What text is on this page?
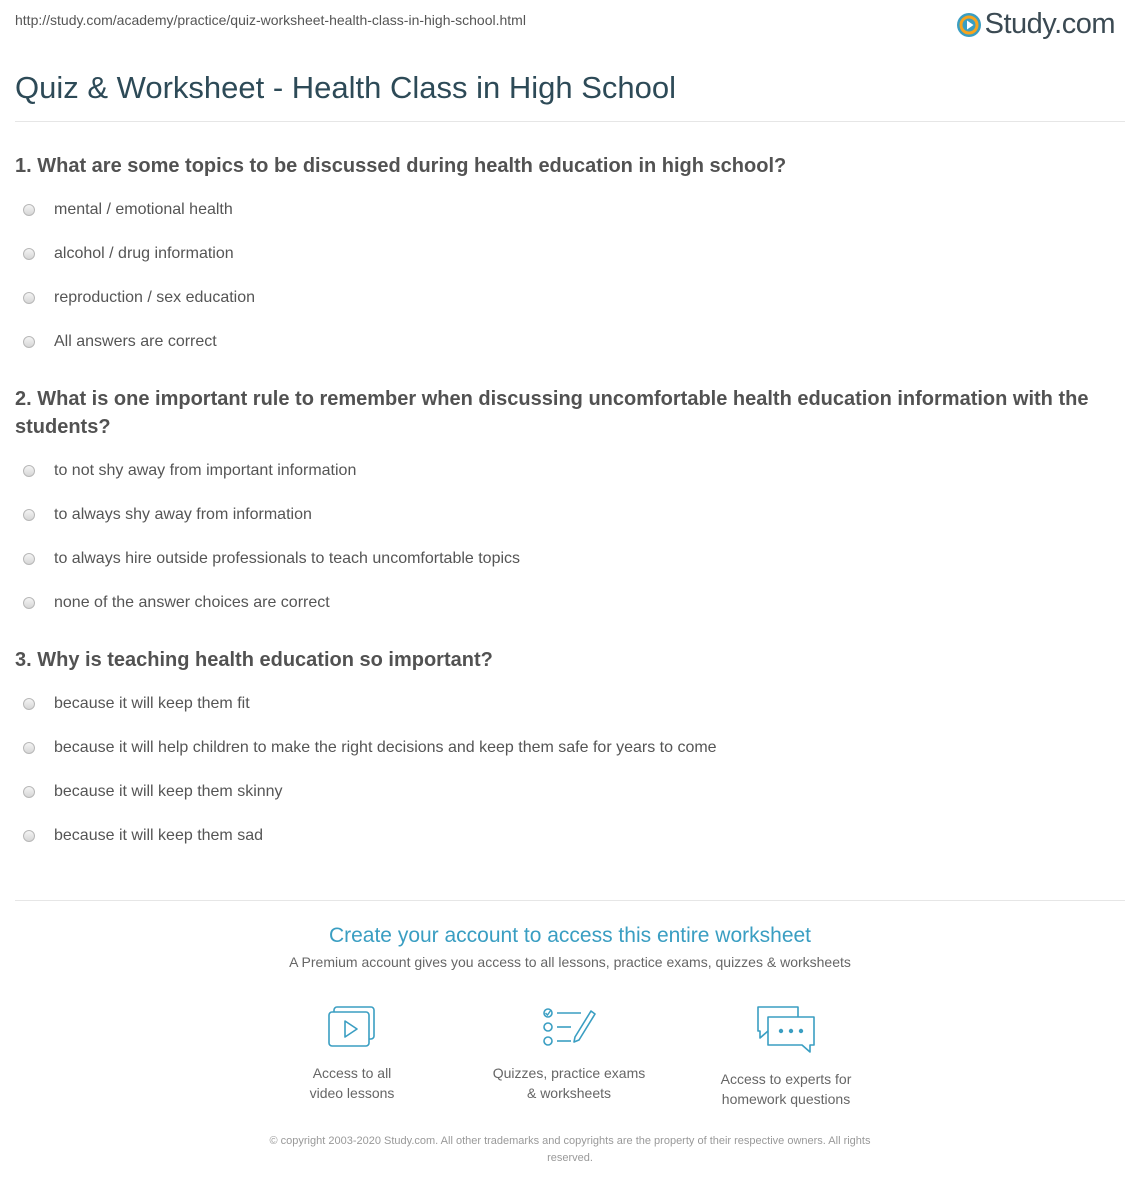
http://study.com/academy/practice/quiz-worksheet-health-class-in-high-school.html	Study.com
Quiz & Worksheet - Health Class in High School

1. What are some topics to be discussed during health education in high school?

mental / emotional health
alcohol / drug information
reproduction / sex education
All answers are correct

2. What is one important rule to remember when discussing uncomfortable health education information with the students?

to not shy away from important information
to always shy away from information
to always hire outside professionals to teach uncomfortable topics
none of the answer choices are correct

3. Why is teaching health education so important?

because it will keep them fit
because it will help children to make the right decisions and keep them safe for years to come
because it will keep them skinny
because it will keep them sad
Create your account to access this entire worksheet
A Premium account gives you access to all lessons, practice exams, quizzes & worksheets
Access to all
video lessons
Quizzes, practice exams
& worksheets
Access to experts for
homework questions
© copyright 2003-2020 Study.com. All other trademarks and copyrights are the property of their respective owners. All rights
reserved.
